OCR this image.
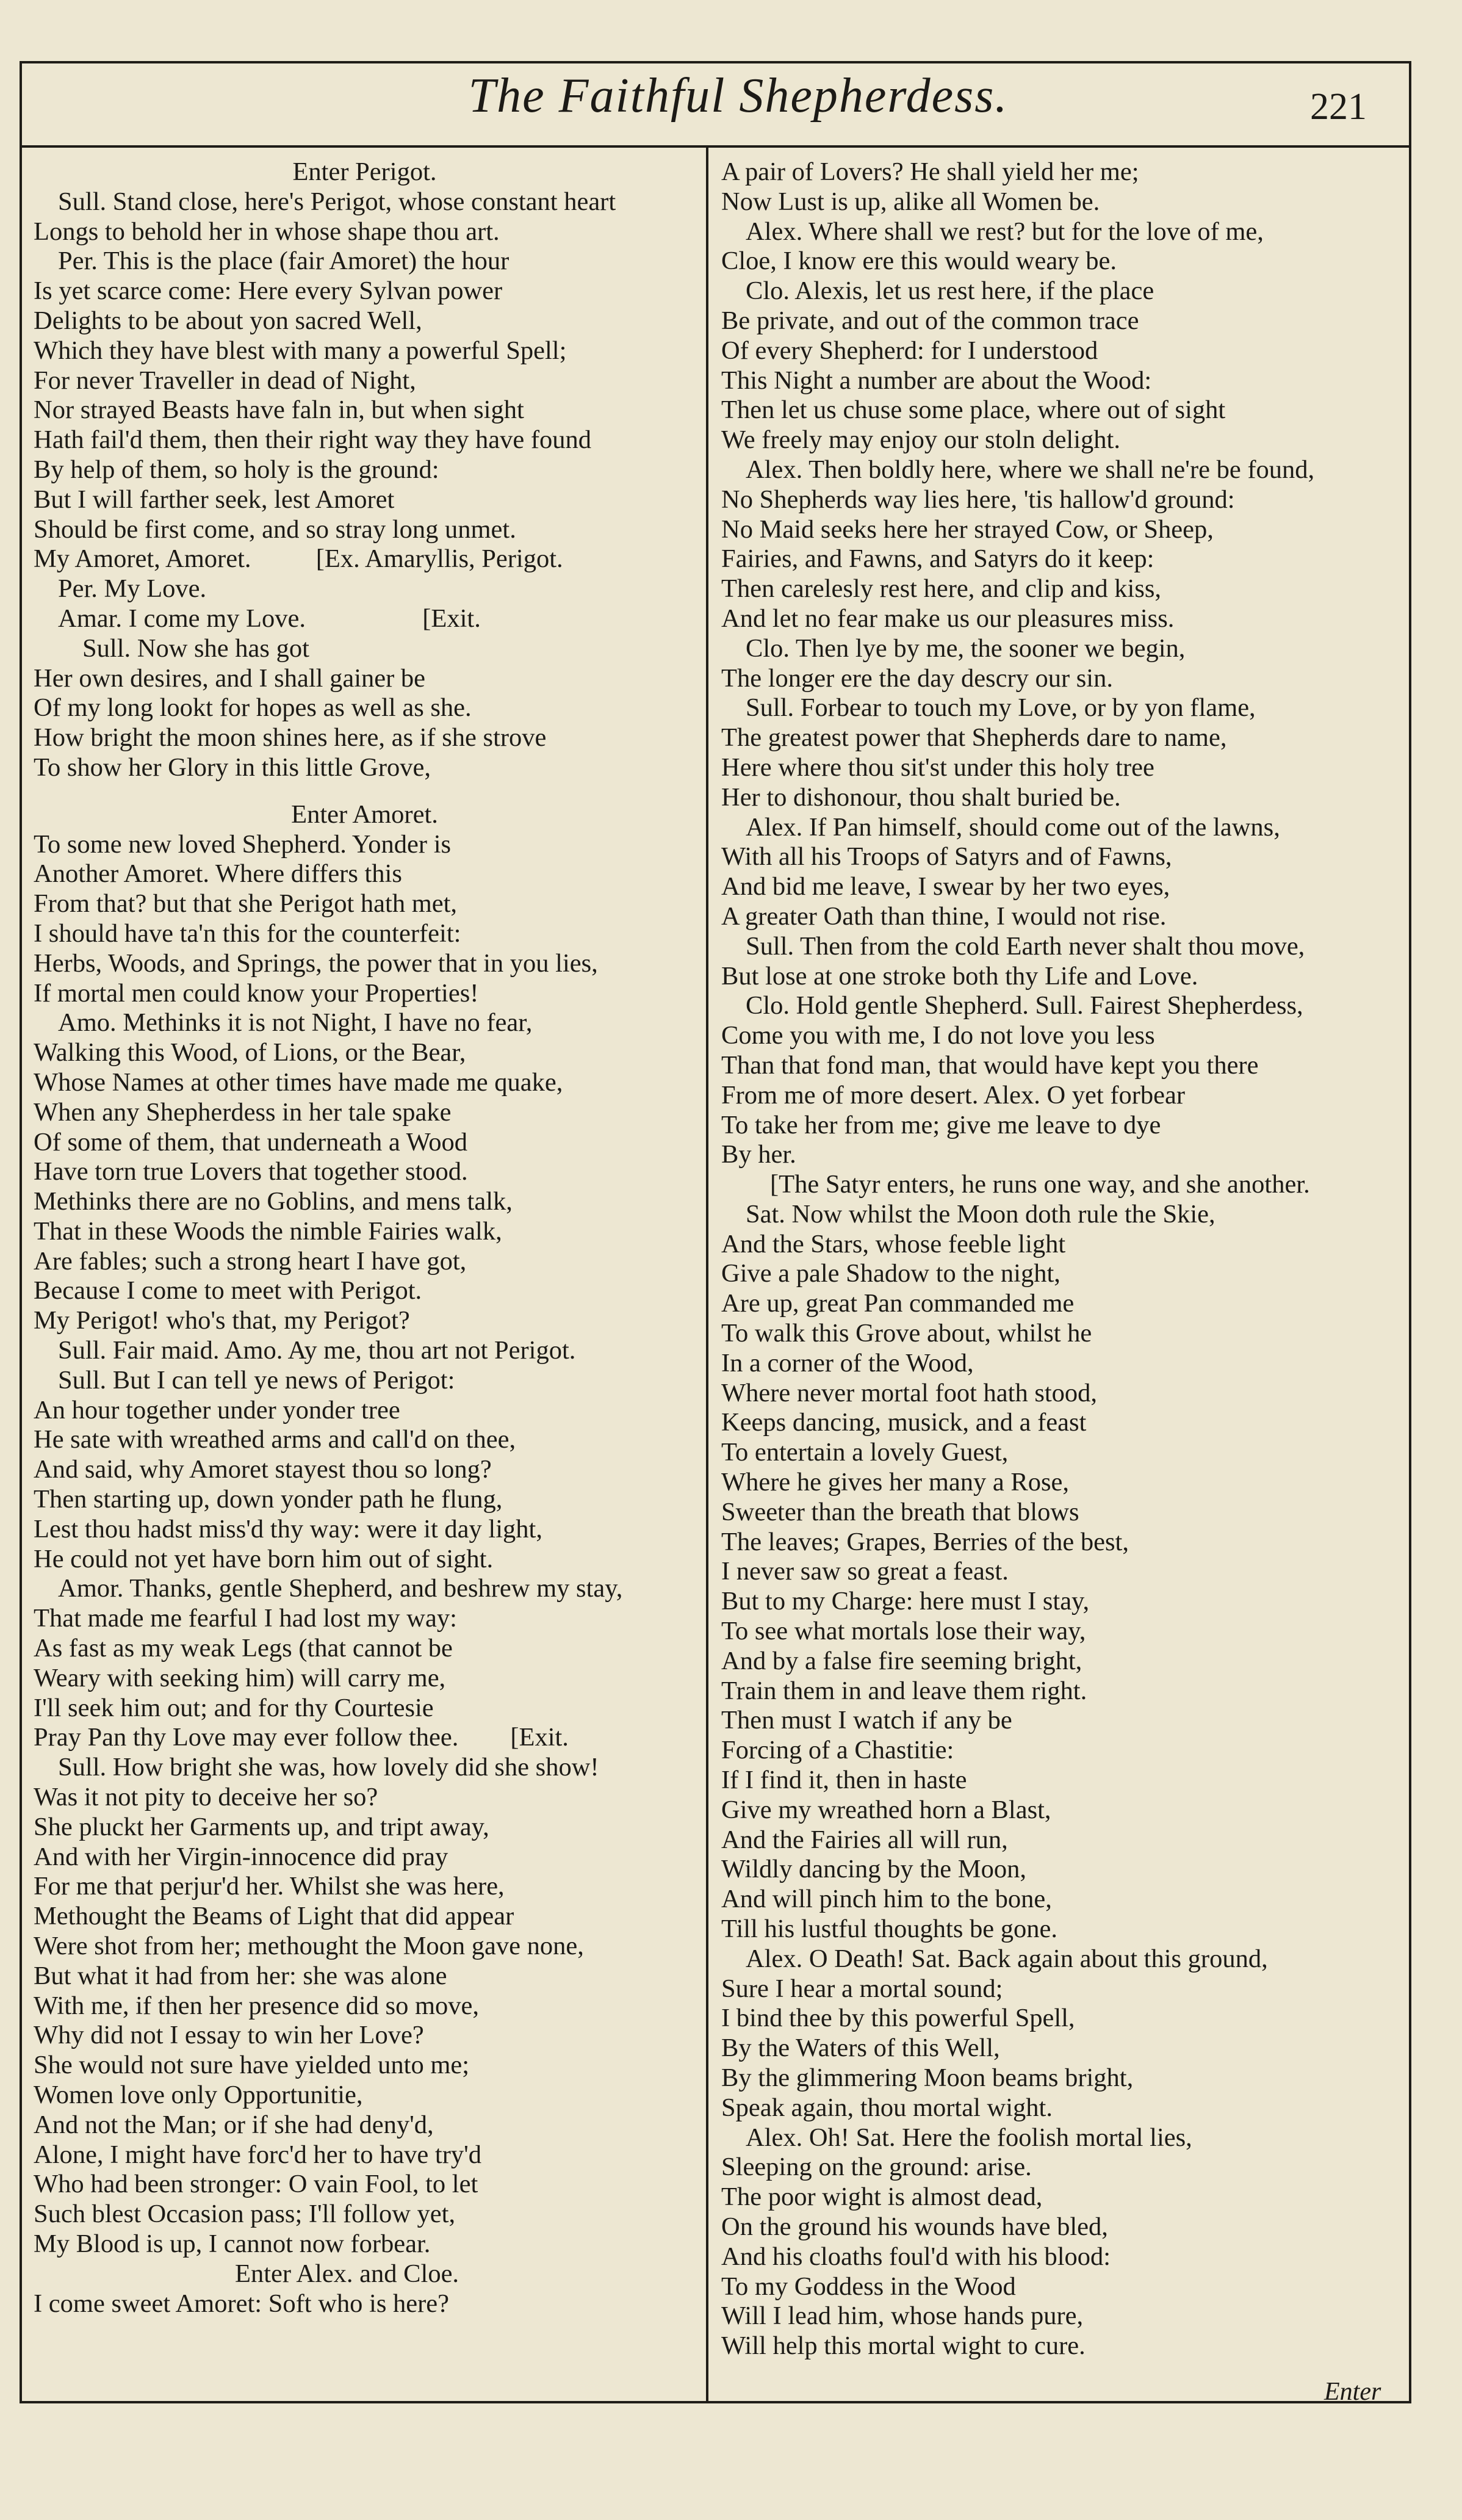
The Faithful Shepherdess.	221
Enter Perigot.
Sull. Stand close, here's Perigot, whose constant heart
Longs to behold her in whose shape thou art.
Per. This is the place (fair Amoret) the hour
Is yet scarce come: Here every Sylvan power
Delights to be about yon sacred Well,
Which they have blest with many a powerful Spell;
For never Traveller in dead of Night,
Nor strayed Beasts have faln in, but when sight
Hath fail'd them, then their right way they have found
By help of them, so holy is the ground:
But I will farther seek, lest Amoret
Should be first come, and so stray long unmet.
My Amoret, Amoret.          [Ex. Amaryllis, Perigot.
Per. My Love.
Amar. I come my Love.                  [Exit.
Sull. Now she has got
Her own desires, and I shall gainer be
Of my long lookt for hopes as well as she.
How bright the moon shines here, as if she strove
To show her Glory in this little Grove,
Enter Amoret.
To some new loved Shepherd. Yonder is
Another Amoret. Where differs this
From that? but that she Perigot hath met,
I should have ta'n this for the counterfeit:
Herbs, Woods, and Springs, the power that in you lies,
If mortal men could know your Properties!
Amo. Methinks it is not Night, I have no fear,
Walking this Wood, of Lions, or the Bear,
Whose Names at other times have made me quake,
When any Shepherdess in her tale spake
Of some of them, that underneath a Wood
Have torn true Lovers that together stood.
Methinks there are no Goblins, and mens talk,
That in these Woods the nimble Fairies walk,
Are fables; such a strong heart I have got,
Because I come to meet with Perigot.
My Perigot! who's that, my Perigot?
Sull. Fair maid. Amo. Ay me, thou art not Perigot.
Sull. But I can tell ye news of Perigot:
An hour together under yonder tree
He sate with wreathed arms and call'd on thee,
And said, why Amoret stayest thou so long?
Then starting up, down yonder path he flung,
Lest thou hadst miss'd thy way: were it day light,
He could not yet have born him out of sight.
Amor. Thanks, gentle Shepherd, and beshrew my stay,
That made me fearful I had lost my way:
As fast as my weak Legs (that cannot be
Weary with seeking him) will carry me,
I'll seek him out; and for thy Courtesie
Pray Pan thy Love may ever follow thee.        [Exit.
Sull. How bright she was, how lovely did she show!
Was it not pity to deceive her so?
She pluckt her Garments up, and tript away,
And with her Virgin-innocence did pray
For me that perjur'd her. Whilst she was here,
Methought the Beams of Light that did appear
Were shot from her; methought the Moon gave none,
But what it had from her: she was alone
With me, if then her presence did so move,
Why did not I essay to win her Love?
She would not sure have yielded unto me;
Women love only Opportunitie,
And not the Man; or if she had deny'd,
Alone, I might have forc'd her to have try'd
Who had been stronger: O vain Fool, to let
Such blest Occasion pass; I'll follow yet,
My Blood is up, I cannot now forbear.
Enter Alex. and Cloe.
I come sweet Amoret: Soft who is here?
A pair of Lovers? He shall yield her me;
Now Lust is up, alike all Women be.
Alex. Where shall we rest? but for the love of me,
Cloe, I know ere this would weary be.
Clo. Alexis, let us rest here, if the place
Be private, and out of the common trace
Of every Shepherd: for I understood
This Night a number are about the Wood:
Then let us chuse some place, where out of sight
We freely may enjoy our stoln delight.
Alex. Then boldly here, where we shall ne're be found,
No Shepherds way lies here, 'tis hallow'd ground:
No Maid seeks here her strayed Cow, or Sheep,
Fairies, and Fawns, and Satyrs do it keep:
Then carelesly rest here, and clip and kiss,
And let no fear make us our pleasures miss.
Clo. Then lye by me, the sooner we begin,
The longer ere the day descry our sin.
Sull. Forbear to touch my Love, or by yon flame,
The greatest power that Shepherds dare to name,
Here where thou sit'st under this holy tree
Her to dishonour, thou shalt buried be.
Alex. If Pan himself, should come out of the lawns,
With all his Troops of Satyrs and of Fawns,
And bid me leave, I swear by her two eyes,
A greater Oath than thine, I would not rise.
Sull. Then from the cold Earth never shalt thou move,
But lose at one stroke both thy Life and Love.
Clo. Hold gentle Shepherd. Sull. Fairest Shepherdess,
Come you with me, I do not love you less
Than that fond man, that would have kept you there
From me of more desert. Alex. O yet forbear
To take her from me; give me leave to dye
By her.
[The Satyr enters, he runs one way, and she another.
Sat. Now whilst the Moon doth rule the Skie,
And the Stars, whose feeble light
Give a pale Shadow to the night,
Are up, great Pan commanded me
To walk this Grove about, whilst he
In a corner of the Wood,
Where never mortal foot hath stood,
Keeps dancing, musick, and a feast
To entertain a lovely Guest,
Where he gives her many a Rose,
Sweeter than the breath that blows
The leaves; Grapes, Berries of the best,
I never saw so great a feast.
But to my Charge: here must I stay,
To see what mortals lose their way,
And by a false fire seeming bright,
Train them in and leave them right.
Then must I watch if any be
Forcing of a Chastitie:
If I find it, then in haste
Give my wreathed horn a Blast,
And the Fairies all will run,
Wildly dancing by the Moon,
And will pinch him to the bone,
Till his lustful thoughts be gone.
Alex. O Death! Sat. Back again about this ground,
Sure I hear a mortal sound;
I bind thee by this powerful Spell,
By the Waters of this Well,
By the glimmering Moon beams bright,
Speak again, thou mortal wight.
Alex. Oh! Sat. Here the foolish mortal lies,
Sleeping on the ground: arise.
The poor wight is almost dead,
On the ground his wounds have bled,
And his cloaths foul'd with his blood:
To my Goddess in the Wood
Will I lead him, whose hands pure,
Will help this mortal wight to cure.
Enter
